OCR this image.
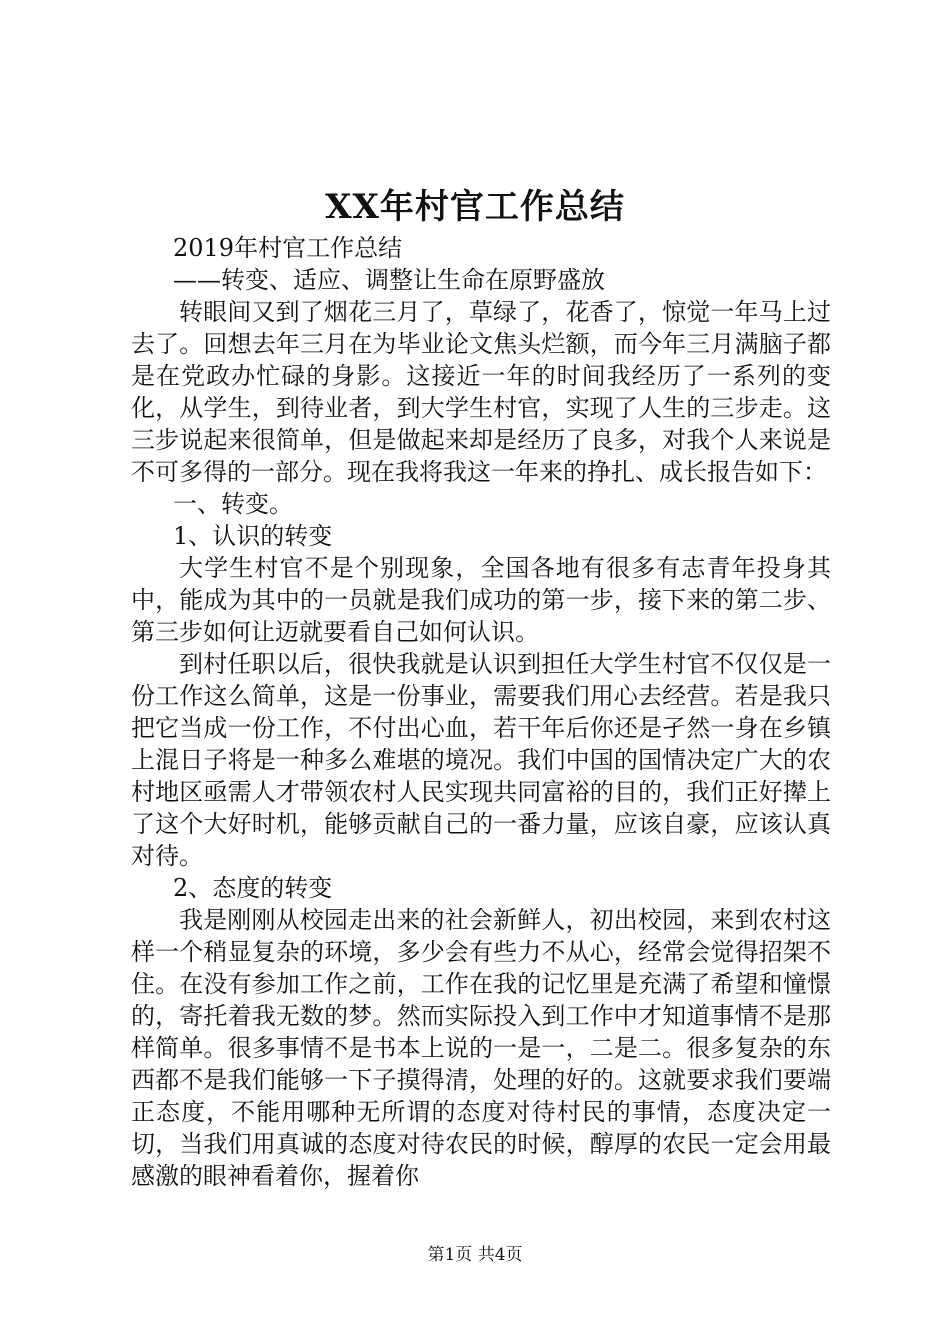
XX年村官工作总结

2019年村官工作总结

——转变、适应、调整让生命在原野盛放

转眼间又到了烟花三月了，草绿了，花香了，惊觉一年马上过去了。回想去年三月在为毕业论文焦头烂额，而今年三月满脑子都是在党政办忙碌的身影。这接近一年的时间我经历了一系列的变化，从学生，到待业者，到大学生村官，实现了人生的三步走。这三步说起来很简单，但是做起来却是经历了良多，对我个人来说是不可多得的一部分。现在我将我这一年来的挣扎、成长报告如下：

一、转变。

1、认识的转变

大学生村官不是个别现象，全国各地有很多有志青年投身其中，能成为其中的一员就是我们成功的第一步，接下来的第二步、第三步如何让迈就要看自己如何认识。

到村任职以后，很快我就是认识到担任大学生村官不仅仅是一份工作这么简单，这是一份事业，需要我们用心去经营。若是我只把它当成一份工作，不付出心血，若干年后你还是孑然一身在乡镇上混日子将是一种多么难堪的境况。我们中国的国情决定广大的农村地区亟需人才带领农村人民实现共同富裕的目的，我们正好撵上了这个大好时机，能够贡献自己的一番力量，应该自豪，应该认真对待。

2、态度的转变

我是刚刚从校园走出来的社会新鲜人，初出校园，来到农村这样一个稍显复杂的环境，多少会有些力不从心，经常会觉得招架不住。在没有参加工作之前，工作在我的记忆里是充满了希望和憧憬的，寄托着我无数的梦。然而实际投入到工作中才知道事情不是那样简单。很多事情不是书本上说的一是一，二是二。很多复杂的东西都不是我们能够一下子摸得清，处理的好的。这就要求我们要端正态度，不能用哪种无所谓的态度对待村民的事情，态度决定一切，当我们用真诚的态度对待农民的时候，醇厚的农民一定会用最感激的眼神看着你，握着你

第1页 共4页
